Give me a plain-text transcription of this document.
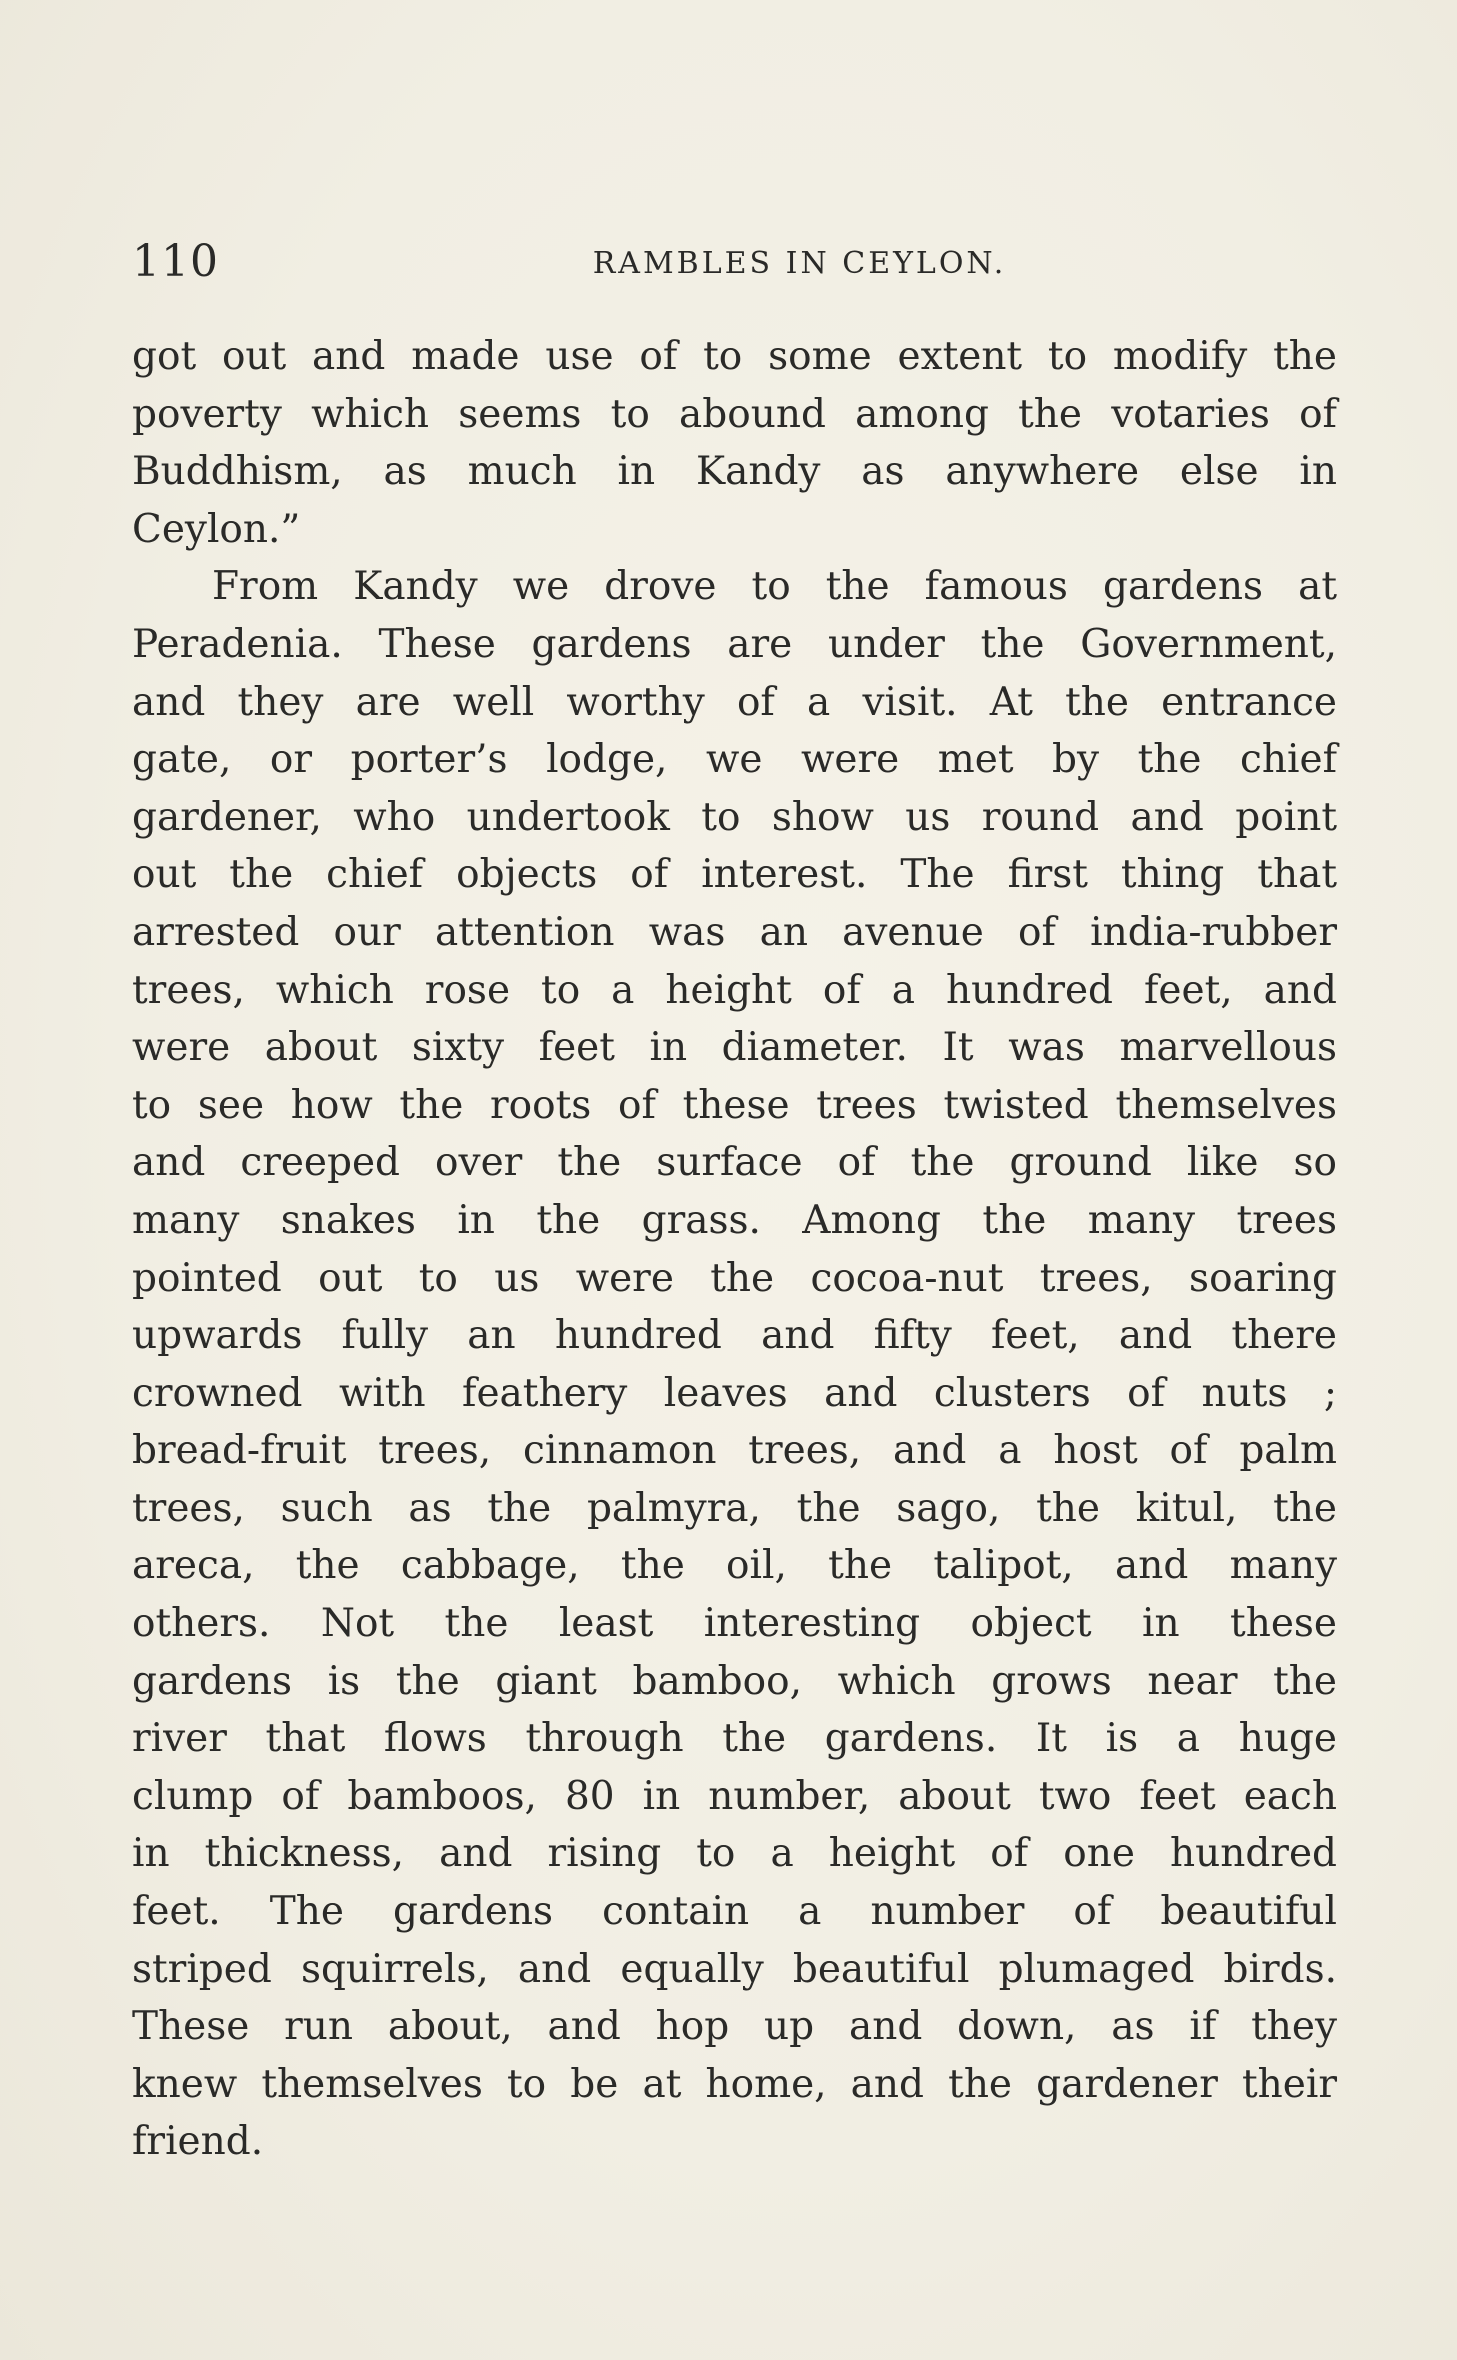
110	RAMBLES IN CEYLON.
got out and made use of to some extent to modify the
poverty which seems to abound among the votaries of
Buddhism, as much in Kandy as anywhere else in
Ceylon.”
From Kandy we drove to the famous gardens at
Peradenia. These gardens are under the Government,
and they are well worthy of a visit. At the entrance
gate, or porter’s lodge, we were met by the chief
gardener, who undertook to show us round and point
out the chief objects of interest. The first thing that
arrested our attention was an avenue of india-rubber
trees, which rose to a height of a hundred feet, and
were about sixty feet in diameter. It was marvellous
to see how the roots of these trees twisted themselves
and creeped over the surface of the ground like so
many snakes in the grass. Among the many trees
pointed out to us were the cocoa-nut trees, soaring
upwards fully an hundred and fifty feet, and there
crowned with feathery leaves and clusters of nuts ;
bread-fruit trees, cinnamon trees, and a host of palm
trees, such as the palmyra, the sago, the kitul, the
areca, the cabbage, the oil, the talipot, and many
others. Not the least interesting object in these
gardens is the giant bamboo, which grows near the
river that flows through the gardens. It is a huge
clump of bamboos, 80 in number, about two feet each
in thickness, and rising to a height of one hundred
feet. The gardens contain a number of beautiful
striped squirrels, and equally beautiful plumaged birds.
These run about, and hop up and down, as if they
knew themselves to be at home, and the gardener their
friend.
